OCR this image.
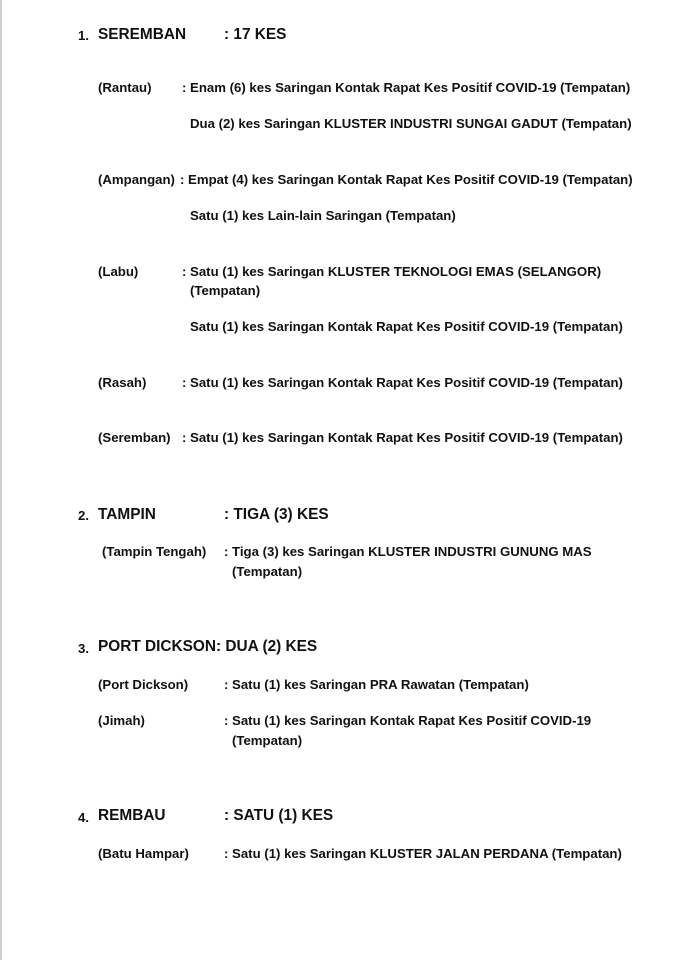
1. SEREMBAN : 17 KES
(Rantau) : Enam (6) kes Saringan Kontak Rapat Kes Positif COVID-19 (Tempatan)
Dua (2) kes Saringan KLUSTER INDUSTRI SUNGAI GADUT (Tempatan)
(Ampangan) : Empat (4) kes Saringan Kontak Rapat Kes Positif COVID-19 (Tempatan)
Satu (1) kes Lain-lain Saringan (Tempatan)
(Labu)	: Satu (1) kes Saringan KLUSTER TEKNOLOGI EMAS (SELANGOR)
(Tempatan)
Satu (1) kes Saringan Kontak Rapat Kes Positif COVID-19 (Tempatan)
(Rasah)	: Satu (1) kes Saringan Kontak Rapat Kes Positif COVID-19 (Tempatan)
(Seremban) : Satu (1) kes Saringan Kontak Rapat Kes Positif COVID-19 (Tempatan)
2. TAMPIN	: TIGA (3) KES
(Tampin Tengah) : Tiga (3) kes Saringan KLUSTER INDUSTRI GUNUNG MAS
(Tempatan)
3. PORT DICKSON : DUA (2) KES
(Port Dickson)	: Satu (1) kes Saringan PRA Rawatan (Tempatan)
(Jimah)	: Satu (1) kes Saringan Kontak Rapat Kes Positif COVID-19
(Tempatan)
4. REMBAU	: SATU (1) KES
(Batu Hampar)	: Satu (1) kes Saringan KLUSTER JALAN PERDANA (Tempatan)
